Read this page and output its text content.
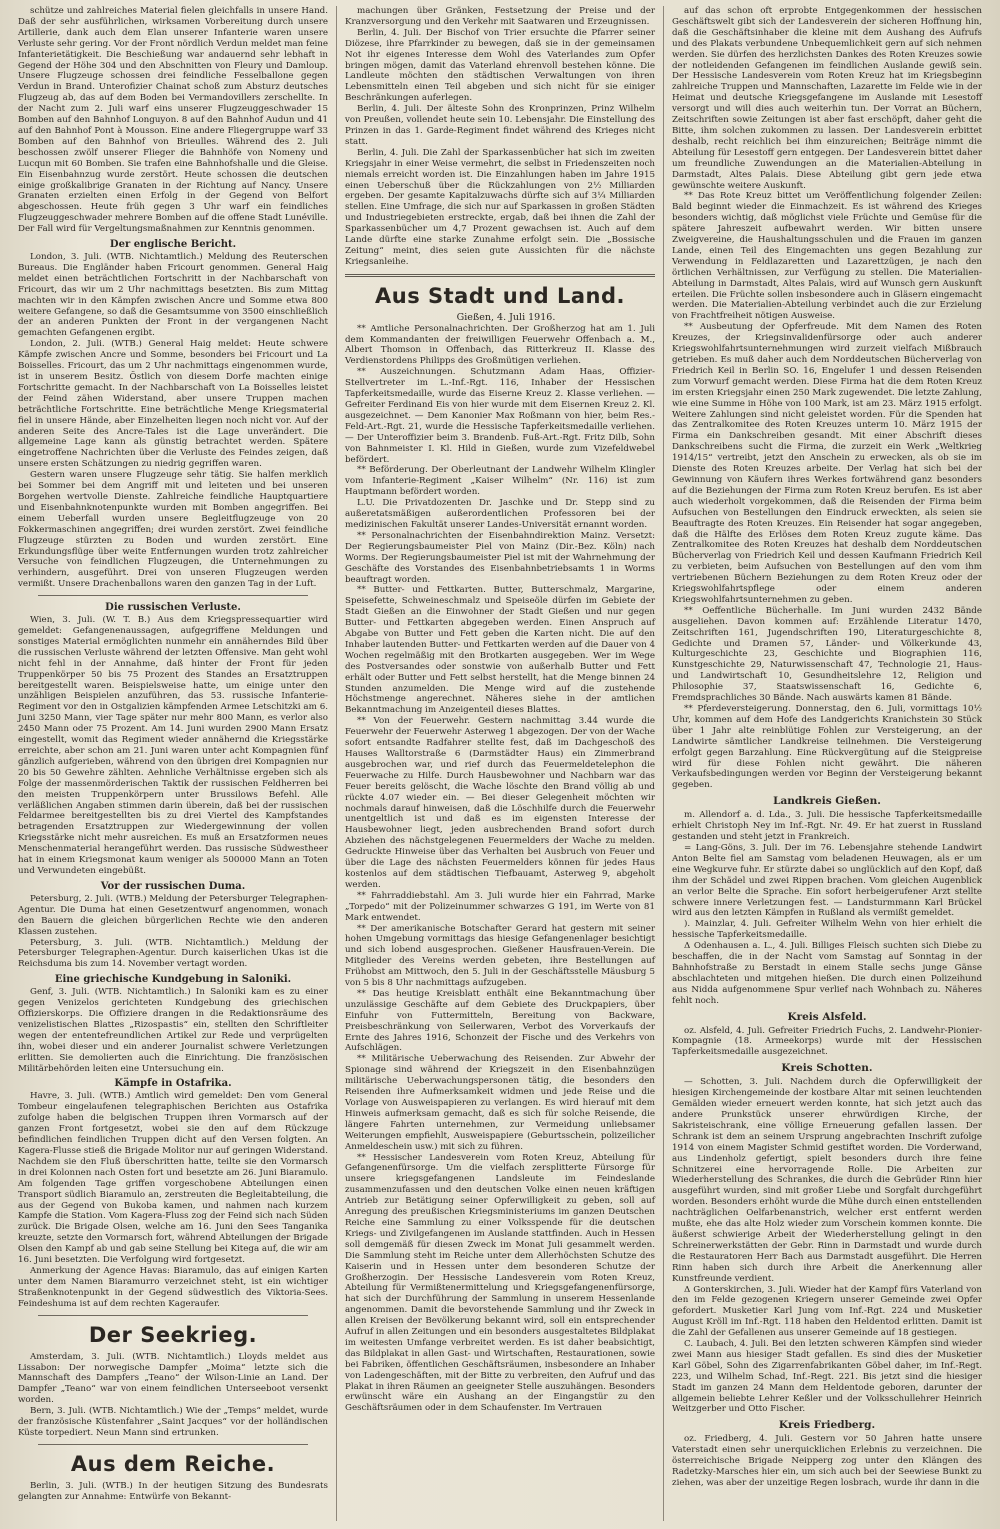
schütze und zahlreiches Material fielen gleichfalls in unsere Hand. Daß der sehr ausführlichen, wirksamen Vorbereitung durch unsere Artillerie, dank auch dem Elan unserer Infanterie waren unsere Verluste sehr gering. Vor der Front nördlich Verdun meldet man feine Infanterietätigkeit. Die Beschießung war andauernd sehr lebhaft in Gegend der Höhe 304 und den Abschnitten von Fleury und Damloup. Unsere Flugzeuge schossen drei feindliche Fesselballone gegen Verdun in Brand. Unterofizier Chainat schoß zum Absturz deutsches Flugzeug ab, das auf dem Boden bei Vermandovillers zerschellte. In der Nacht zum 2. Juli warf eins unserer Flugzeuggeschwader 15 Bomben auf den Bahnhof Longuyon. 8 auf den Bahnhof Audun und 41 auf den Bahnhof Pont à Mousson. Eine andere Fliegergruppe warf 33 Bomben auf den Bahnhof von Brieulles. Während des 2. Juli beschossen zwölf unserer Flieger die Bahnhöfe von Nomeny und Lucqun mit 60 Bomben. Sie trafen eine Bahnhofshalle und die Gleise. Ein Eisenbahnzug wurde zerstört. Heute schossen die deutschen einige großkalibrige Granaten in der Richtung auf Nancy. Unsere Granaten erzielten einen Erfolg in der Gegend von Belfort abgeschossen. Heute früh gegen 3 Uhr warf ein feindliches Flugzeuggeschwader mehrere Bomben auf die offene Stadt Lunéville. Der Fall wird für Vergeltungsmaßnahmen zur Kenntnis genommen.

Der englische Bericht.

London, 3. Juli. (WTB. Nichtamtlich.) Meldung des Reuterschen Bureaus. Die Engländer haben Fricourt genommen. General Haig meldet einen beträchtlichen Fortschritt in der Nachbarschaft von Fricourt, das wir um 2 Uhr nachmittags besetzten. Bis zum Mittag machten wir in den Kämpfen zwischen Ancre und Somme etwa 800 weitere Gefangene, so daß die Gesamtsumme von 3500 einschließlich der an anderen Punkten der Front in der vergangenen Nacht gemachten Gefangenen ergibt.

London, 2. Juli. (WTB.) General Haig meldet: Heute schwere Kämpfe zwischen Ancre und Somme, besonders bei Fricourt und La Boisselles. Fricourt, das um 2 Uhr nachmittags eingenommen wurde, ist in unserem Besitz. Östlich von diesem Dorfe machten einige Fortschritte gemacht. In der Nachbarschaft von La Boisselles leistet der Feind zähen Widerstand, aber unsere Truppen machen beträchtliche Fortschritte. Eine beträchtliche Menge Kriegsmaterial fiel in unsere Hände, aber Einzelheiten liegen noch nicht vor. Auf der anderen Seite des Ancre-Tales ist die Lage unverändert. Die allgemeine Lage kann als günstig betrachtet werden. Spätere eingetroffene Nachrichten über die Verluste des Feindes zeigen, daß unsere ersten Schätzungen zu niedrig gegriffen waren.

Gestern waren unsere Flugzeuge sehr tätig. Sie halfen merklich bei Sommer bei dem Angriff mit und leiteten und bei unseren Borgehen wertvolle Dienste. Zahlreiche feindliche Hauptquartiere und Eisenbahnknotenpunkte wurden mit Bomben angegriffen. Bei einem Ueberfall wurden unsere Begleitflugzeuge von 20 Fokkermaschinen angegriffen; drei wurden zerstört. Zwei feindliche Flugzeuge stürzten zu Boden und wurden zerstört. Eine Erkundungsflüge über weite Entfernungen wurden trotz zahlreicher Versuche von feindlichen Flugzeugen, die Unternehmungen zu verhindern, ausgeführt. Drei von unseren Flugzeugen werden vermißt. Unsere Drachenballons waren den ganzen Tag in der Luft.

Die russischen Verluste.

Wien, 3. Juli. (W. T. B.) Aus dem Kriegspressequartier wird gemeldet: Gefangenenaussagen, aufgegriffene Meldungen und sonstiges Material ermöglichten nunmehr ein annäherndes Bild über die russischen Verluste während der letzten Offensive. Man geht wohl nicht fehl in der Annahme, daß hinter der Front für jeden Truppenkörper 50 bis 75 Prozent des Standes an Ersatztruppen bereitgestellt waren. Beispielsweise hatte, um einige unter den unzähligen Beispielen anzuführen, das 53. russische Infanterie-Regiment vor den in Ostgalizien kämpfenden Armee Letschitzki am 6. Juni 3250 Mann, vier Tage später nur mehr 800 Mann, es verlor also 2450 Mann oder 75 Prozent. Am 14. Juni wurden 2900 Mann Ersatz eingestellt, womit das Regiment wieder annähernd die Kriegsstärke erreichte, aber schon am 21. Juni waren unter acht Kompagnien fünf gänzlich aufgerieben, während von den übrigen drei Kompagnien nur 20 bis 50 Gewehre zählten. Aehnliche Verhältnisse ergeben sich als Folge der massenmörderischen Taktik der russischen Feldherren bei den meisten Truppenkörpern unter Brussilows Befehl. Alle verläßlichen Angaben stimmen darin überein, daß bei der russischen Feldarmee bereitgestellten bis zu drei Viertel des Kampfstandes betragenden Ersatztruppen zur Wiedergewinnung der vollen Kriegsstärke nicht mehr ausreichen. Es muß an Ersatzformen neues Menschenmaterial herangeführt werden. Das russische Südwestheer hat in einem Kriegsmonat kaum weniger als 500000 Mann an Toten und Verwundeten eingebüßt.

Vor der russischen Duma.

Petersburg, 2. Juli. (WTB.) Meldung der Petersburger Telegraphen-Agentur. Die Duma hat einen Gesetzentwurf angenommen, wonach den Bauern die gleichen bürgerlichen Rechte wie den anderen Klassen zustehen.

Petersburg, 3. Juli. (WTB. Nichtamtlich.) Meldung der Petersburger Telegraphen-Agentur. Durch kaiserlichen Ukas ist die Reichsduma bis zum 14. November vertagt worden.

Eine griechische Kundgebung in Saloniki.

Genf, 3. Juli. (WTB. Nichtamtlich.) In Saloniki kam es zu einer gegen Venizelos gerichteten Kundgebung des griechischen Offizierskorps. Die Offiziere drangen in die Redaktionsräume des venizelistischen Blattes „Rizospastis“ ein, stellten den Schriftleiter wegen der ententefreundlichen Artikel zur Rede und verprügelten ihn, wobei dieser und ein anderer Journalist schwere Verletzungen erlitten. Sie demolierten auch die Einrichtung. Die französischen Militärbehörden leiten eine Untersuchung ein.

Kämpfe in Ostafrika.

Havre, 3. Juli. (WTB.) Amtlich wird gemeldet: Den vom General Tombeur eingelaufenen telegraphischen Berichten aus Ostafrika zufolge haben die belgischen Truppen ihren Vormarsch auf der ganzen Front fortgesetzt, wobei sie den auf dem Rückzuge befindlichen feindlichen Truppen dicht auf den Versen folgten. An Kagera-Flusse stieß die Brigade Molitor nur auf geringen Widerstand. Nachdem sie den Fluß überschritten hatte, teilte sie den Vormarsch in drei Kolonnen nach Osten fort und besetzte am 26. Juni Biaramulo. Am folgenden Tage griffen vorgeschobene Abteilungen einen Transport südlich Biaramulo an, zerstreuten die Begleitabteilung, die aus der Gegend von Bukoba kamen, und nahmen nach kurzem Kampfe die Station. Vom Kagera-Fluss zog der Feind sich nach Süden zurück. Die Brigade Olsen, welche am 16. Juni den Sees Tanganika kreuzte, setzte den Vormarsch fort, während Abteilungen der Brigade Olsen den Kampf ab und gab seine Stellung bei Kitega auf, die wir am 16. Juni besetzten. Die Verfolgung wird fortgesetzt.

Anmerkung der Agence Havas: Biaramulo, das auf einigen Karten unter dem Namen Biaramurro verzeichnet steht, ist ein wichtiger Straßenknotenpunkt in der Gegend südwestlich des Viktoria-Sees. Feindeshuma ist auf dem rechten Kageraufer.

Der Seekrieg.

Amsterdam, 3. Juli. (WTB. Nichtamtlich.) Lloyds meldet aus Lissabon: Der norwegische Dampfer „Moima“ letzte sich die Mannschaft des Dampfers „Teano“ der Wilson-Linie an Land. Der Dampfer „Teano“ war von einem feindlichen Unterseeboot versenkt worden.

Bern, 3. Juli. (WTB. Nichtamtlich.) Wie der „Temps“ meldet, wurde der französische Küstenfahrer „Saint Jacques“ vor der holländischen Küste torpediert. Neun Mann sind ertrunken.

Aus dem Reiche.

Berlin, 3. Juli. (WTB.) In der heutigen Sitzung des Bundesrats gelangten zur Annahme: Entwürfe von Bekannt-

machungen über Gränken, Festsetzung der Preise und der Kranzversorgung und den Verkehr mit Saatwaren und Erzeugnissen.

Berlin, 4. Juli. Der Bischof von Trier ersuchte die Pfarrer seiner Diözese, ihre Pfarrkinder zu bewegen, daß sie in der gemeinsamen Not ihr eigenes Interesse dem Wohl des Vaterlandes zum Opfer bringen mögen, damit das Vaterland ehrenvoll bestehen könne. Die Landleute möchten den städtischen Verwaltungen von ihren Lebensmitteln einen Teil abgeben und sich nicht für sie einiger Beschränkungen auferlegen.

Berlin, 4. Juli. Der älteste Sohn des Kronprinzen, Prinz Wilhelm von Preußen, vollendet heute sein 10. Lebensjahr. Die Einstellung des Prinzen in das 1. Garde-Regiment findet während des Krieges nicht statt.

Berlin, 4. Juli. Die Zahl der Sparkassenbücher hat sich im zweiten Kriegsjahr in einer Weise vermehrt, die selbst in Friedenszeiten noch niemals erreicht worden ist. Die Einzahlungen haben im Jahre 1915 einen Ueberschuß über die Rückzahlungen von 2½ Milliarden ergeben. Der gesamte Kapitalzuwachs dürfte sich auf 3¼ Milliarden stellen. Eine Umfrage, die sich nur auf Sparkassen in großen Städten und Industriegebieten erstreckte, ergab, daß bei ihnen die Zahl der Sparkassenbücher um 4,7 Prozent gewachsen ist. Auch auf dem Lande dürfte eine starke Zunahme erfolgt sein. Die „Bossische Zeitung“ meint, dies seien gute Aussichten für die nächste Kriegsanleihe.

Aus Stadt und Land.

Gießen, 4. Juli 1916.

** Amtliche Personalnachrichten. Der Großherzog hat am 1. Juli dem Kommandanten der freiwilligen Feuerwehr Offenbach a. M., Albert Thomson in Offenbach, das Ritterkreuz II. Klasse des Verdienstordens Philipps des Großmütigen verliehen.

** Auszeichnungen. Schutzmann Adam Haas, Offizier-Stellvertreter im L.-Inf.-Rgt. 116, Inhaber der Hessischen Tapferkeitsmedaille, wurde das Eiserne Kreuz 2. Klasse verliehen. — Gefreiter Ferdinand Eis von hier wurde mit dem Eisernen Kreuz 2. Kl. ausgezeichnet. — Dem Kanonier Max Roßmann von hier, beim Res.-Feld-Art.-Rgt. 21, wurde die Hessische Tapferkeitsmedaille verliehen. — Der Unteroffizier beim 3. Brandenb. Fuß-Art.-Rgt. Fritz Dilb, Sohn von Bahnmeister I. Kl. Hild in Gießen, wurde zum Vizefeldwebel befördert.

** Beförderung. Der Oberleutnant der Landwehr Wilhelm Klingler vom Infanterie-Regiment „Kaiser Wilhelm“ (Nr. 116) ist zum Hauptmann befördert worden.

L.U. Die Privatdozenten Dr. Jaschke und Dr. Stepp sind zu außeretatsmäßigen außerordentlichen Professoren bei der medizinischen Fakultät unserer Landes-Universität ernannt worden.

** Personalnachrichten der Eisenbahndirektion Mainz. Versetzt: Der Regierungsbaumeister Piel von Mainz (Dir.-Bez. Köln) nach Worms. Der Regierungsbaumeister Piel ist mit der Wahrnehmung der Geschäfte des Vorstandes des Eisenbahnbetriebsamts 1 in Worms beauftragt worden.

** Butter- und Fettkarten. Butter, Butterschmalz, Margarine, Speisefette, Schweineschmalz und Speiseöle dürfen im Gebiete der Stadt Gießen an die Einwohner der Stadt Gießen und nur gegen Butter- und Fettkarten abgegeben werden. Einen Anspruch auf Abgabe von Butter und Fett geben die Karten nicht. Die auf den Inhaber lautenden Butter- und Fettkarten werden auf die Dauer von 4 Wochen regelmäßig mit den Brotkarten ausgegeben. Wer im Wege des Postversandes oder sonstwie von außerhalb Butter und Fett erhält oder Butter und Fett selbst herstellt, hat die Menge binnen 24 Stunden anzumelden. Die Menge wird auf die zustehende Höchstmenge angerechnet. Näheres siehe in der amtlichen Bekanntmachung im Anzeigenteil dieses Blattes.

** Von der Feuerwehr. Gestern nachmittag 3.44 wurde die Feuerwehr der Feuerwehr Asterweg 1 abgezogen. Der von der Wache sofort entsandte Radfahrer stellte fest, daß im Dachgeschoß des Hauses Walltorstraße 6 (Darmstädter Haus) ein Zimmerbrand ausgebrochen war, und rief durch das Feuermeldetelephon die Feuerwache zu Hilfe. Durch Hausbewohner und Nachbarn war das Feuer bereits gelöscht, die Wache löschte den Brand völlig ab und rückte 4.07 wieder ein. — Bei dieser Gelegenheit möchten wir nochmals darauf hinweisen, daß die Löschhilfe durch die Feuerwehr unentgeltlich ist und daß es im eigensten Interesse der Hausbewohner liegt, jeden ausbrechenden Brand sofort durch Abziehen des nächstgelegenen Feuermelders der Wache zu melden. Gedruckte Hinweise über das Verhalten bei Ausbruch von Feuer und über die Lage des nächsten Feuermelders können für jedes Haus kostenlos auf dem städtischen Tiefbauamt, Asterweg 9, abgeholt werden.

** Fahrraddiebstahl. Am 3. Juli wurde hier ein Fahrrad, Marke „Torpedo“ mit der Polizeinummer schwarzes G 191, im Werte von 81 Mark entwendet.

** Der amerikanische Botschafter Gerard hat gestern mit seiner hohen Umgebung vormittags das hiesige Gefangenenlager besichtigt und sich lobend ausgesprochen. Gießener Hausfrauen-Verein. Die Mitglieder des Vereins werden gebeten, ihre Bestellungen auf Frühobst am Mittwoch, den 5. Juli in der Geschäftsstelle Mäusburg 5 von 5 bis 8 Uhr nachmittags aufzugeben.

** Das heutige Kreisblatt enthält eine Bekanntmachung über unzulässige Geschäfte auf dem Gebiete des Druckpapiers, über Einfuhr von Futtermitteln, Bereitung von Backware, Preisbeschränkung von Seilerwaren, Verbot des Vorverkaufs der Ernte des Jahres 1916, Schonzeit der Fische und des Verkehrs von Aufschlägen.

** Militärische Ueberwachung des Reisenden. Zur Abwehr der Spionage sind während der Kriegszeit in den Eisenbahnzügen militärische Ueberwachungspersonen tätig, die besonders den Reisenden ihre Aufmerksamkeit widmen und jede Reise und die Vorlage von Ausweispapieren zu verlangen. Es wird hierauf mit dem Hinweis aufmerksam gemacht, daß es sich für solche Reisende, die längere Fahrten unternehmen, zur Vermeidung unliebsamer Weiterungen empfiehlt, Ausweispapiere (Geburtsschein, polizeilicher Anmeldeschein usw.) mit sich zu führen.

** Hessischer Landesverein vom Roten Kreuz, Abteilung für Gefangenenfürsorge. Um die vielfach zersplitterte Fürsorge für unsere kriegsgefangenen Landsleute im Feindeslande zusammenzufassen und den deutschen Volke einen neuen kräftigen Antrieb zur Betätigung seiner Opferwilligkeit zu geben, soll auf Anregung des preußischen Kriegsministeriums im ganzen Deutschen Reiche eine Sammlung zu einer Volksspende für die deutschen Kriegs- und Zivilgefangenen im Auslande stattfinden. Auch in Hessen soll demgemäß für diesen Zweck im Monat Juli gesammelt werden. Die Sammlung steht im Reiche unter dem Allerhöchsten Schutze des Kaiserin und in Hessen unter dem besonderen Schutze der Großherzogin. Der Hessische Landesverein vom Roten Kreuz, Abteilung für Vermißtenermittelung und Kriegsgefangenenfürsorge, hat sich der Durchführung der Sammlung in unserem Hessenlande angenommen. Damit die bevorstehende Sammlung und ihr Zweck in allen Kreisen der Bevölkerung bekannt wird, soll ein entsprechender Aufruf in allen Zeitungen und ein besonders ausgestaltetes Bildplakat im weitesten Umfange verbreitet werden. Es ist daher beabsichtigt, das Bildplakat in allen Gast- und Wirtschaften, Restaurationen, sowie bei Fabriken, öffentlichen Geschäftsräumen, insbesondere an Inhaber von Ladengeschäften, mit der Bitte zu verbreiten, den Aufruf und das Plakat in ihren Räumen an geeigneter Stelle auszuhängen. Besonders erwünscht wäre ein Aushang an der Eingangstür zu den Geschäftsräumen oder in dem Schaufenster. Im Vertrauen

auf das schon oft erprobte Entgegenkommen der hessischen Geschäftswelt gibt sich der Landesverein der sicheren Hoffnung hin, daß die Geschäftsinhaber die kleine mit dem Aushang des Aufrufs und des Plakats verbundene Unbequemlichkeit gern auf sich nehmen werden. Sie dürfen des herzlichsten Dankes des Roten Kreuzes sowie der notleidenden Gefangenen im feindlichen Auslande gewiß sein. Der Hessische Landesverein vom Roten Kreuz hat im Kriegsbeginn zahlreiche Truppen und Mannschaften, Lazarette im Felde wie in der Heimat und deutsche Kriegsgefangene im Auslande mit Lesestoff versorgt und will dies auch weiterhin tun. Der Vorrat an Büchern, Zeitschriften sowie Zeitungen ist aber fast erschöpft, daher geht die Bitte, ihm solchen zukommen zu lassen. Der Landesverein erbittet deshalb, recht reichlich bei ihm einzureichen; Beiträge nimmt die Abteilung für Lesestoff gern entgegen. Der Landesverein bittet daher um freundliche Zuwendungen an die Materialien-Abteilung in Darmstadt, Altes Palais. Diese Abteilung gibt gern jede etwa gewünschte weitere Auskunft.

** Das Rote Kreuz bittet um Veröffentlichung folgender Zeilen: Bald beginnt wieder die Einmachzeit. Es ist während des Krieges besonders wichtig, daß möglichst viele Früchte und Gemüse für die spätere Jahreszeit aufbewahrt werden. Wir bitten unsere Zweigvereine, die Haushaltungsschulen und die Frauen im ganzen Lande, einen Teil des Eingemachten uns gegen Bezahlung zur Verwendung in Feldlazaretten und Lazarettzügen, je nach den örtlichen Verhältnissen, zur Verfügung zu stellen. Die Materialien-Abteilung in Darmstadt, Altes Palais, wird auf Wunsch gern Auskunft erteilen. Die Früchte sollen insbesondere auch in Gläsern eingemacht werden. Die Materialien-Abteilung verbindet auch die zur Erzielung von Frachtfreiheit nötigen Ausweise.

** Ausbeutung der Opferfreude. Mit dem Namen des Roten Kreuzes, der Kriegsinvalidenfürsorge oder auch anderer Kriegswohlfahrtsunternehmungen wird zurzeit vielfach Mißbrauch getrieben. Es muß daher auch dem Norddeutschen Bücherverlag von Friedrich Keil in Berlin SO. 16, Engelufer 1 und dessen Reisenden zum Vorwurf gemacht werden. Diese Firma hat die dem Roten Kreuz im ersten Kriegsjahr einen 250 Mark zugewendet. Die letzte Zahlung, wie eine Summe in Höhe von 100 Mark, ist am 23. März 1915 erfolgt. Weitere Zahlungen sind nicht geleistet worden. Für die Spenden hat das Zentralkomitee des Roten Kreuzes unterm 10. März 1915 der Firma ein Dankschreiben gesandt. Mit einer Abschrift dieses Dankschreibens sucht die Firma, die zurzeit ein Werk „Weltkrieg 1914/15“ vertreibt, jetzt den Anschein zu erwecken, als ob sie im Dienste des Roten Kreuzes arbeite. Der Verlag hat sich bei der Gewinnung von Käufern ihres Werkes fortwährend ganz besonders auf die Beziehungen der Firma zum Roten Kreuz berufen. Es ist aber auch wiederholt vorgekommen, daß die Reisenden der Firma beim Aufsuchen von Bestellungen den Eindruck erweckten, als seien sie Beauftragte des Roten Kreuzes. Ein Reisender hat sogar angegeben, daß die Hälfte des Erlöses dem Roten Kreuz zugute käme. Das Zentralkomitee des Roten Kreuzes hat deshalb dem Norddeutschen Bücherverlag von Friedrich Keil und dessen Kaufmann Friedrich Keil zu verbieten, beim Aufsuchen von Bestellungen auf den vom ihm vertriebenen Büchern Beziehungen zu dem Roten Kreuz oder der Kriegswohlfahrtspflege oder einem anderen Kriegswohlfahrtsunternehmen zu geben.

** Oeffentliche Bücherhalle. Im Juni wurden 2432 Bände ausgeliehen. Davon kommen auf: Erzählende Literatur 1470, Zeitschriften 161, Jugendschriften 190, Literaturgeschichte 8, Gedichte und Dramen 57, Länder- und Völkerkunde 43, Kulturgeschichte 23, Geschichte und Biographien 116, Kunstgeschichte 29, Naturwissenschaft 47, Technologie 21, Haus- und Landwirtschaft 10, Gesundheitslehre 12, Religion und Philosophie 37, Staatswissenschaft 16, Gedichte 6, Fremdsprachliches 30 Bände. Nach auswärts kamen 81 Bände.

** Pferdeversteigerung. Donnerstag, den 6. Juli, vormittags 10½ Uhr, kommen auf dem Hofe des Landgerichts Kranichstein 30 Stück über 1 Jahr alte reinblütige Fohlen zur Versteigerung, an der Landwirte sämtlicher Landkreise teilnehmen. Die Versteigerung erfolgt gegen Barzahlung. Eine Rückvergütung auf die Steigpreise wird für diese Fohlen nicht gewährt. Die näheren Verkaufsbedingungen werden vor Beginn der Versteigerung bekannt gegeben.

Landkreis Gießen.

m. Allendorf a. d. Lda., 3. Juli. Die hessische Tapferkeitsmedaille erhielt Christoph Ney im Inf.-Rgt. Nr. 49. Er hat zuerst in Russland gestanden und steht jetzt in Frankreich.

= Lang-Göns, 3. Juli. Der im 76. Lebensjahre stehende Landwirt Anton Belte fiel am Samstag vom beladenen Heuwagen, als er um eine Wegkurve fuhr. Er stürzte dabei so unglücklich auf den Kopf, daß ihm der Schädel und zwei Rippen brachen. Vom gleichen Augenblick an verlor Belte die Sprache. Ein sofort herbeigerufener Arzt stellte schwere innere Verletzungen fest. — Landsturmmann Karl Brückel wird aus den letzten Kämpfen in Rußland als vermißt gemeldet.

). Mainzlar, 4. Juli. Gefreiter Wilhelm Wehn von hier erhielt die hessische Tapferkeitsmedaille.

Δ Odenhausen a. L., 4. Juli. Billiges Fleisch suchten sich Diebe zu beschaffen, die in der Nacht vom Samstag auf Sonntag in der Bahnhofstraße zu Berstadt in einem Stalle sechs junge Gänse abschlachteten und mitgehen hießen. Die durch einen Polizeihund aus Nidda aufgenommene Spur verlief nach Wohnbach zu. Näheres fehlt noch.

Kreis Alsfeld.

oz. Alsfeld, 4. Juli. Gefreiter Friedrich Fuchs, 2. Landwehr-Pionier-Kompagnie (18. Armeekorps) wurde mit der Hessischen Tapferkeitsmedaille ausgezeichnet.

Kreis Schotten.

— Schotten, 3. Juli. Nachdem durch die Opferwilligkeit der hiesigen Kirchengemeinde der kostbare Altar mit seinen leuchtenden Gemälden wieder erneuert werden konnte, hat sich jetzt auch das andere Prunkstück unserer ehrwürdigen Kirche, der Sakristeischrank, eine völlige Erneuerung gefallen lassen. Der Schrank ist dem an seinem Ursprung angebrachten Inschrift zufolge 1914 von einem Magister Schmid gestiftet worden. Die Vorderwand, aus Lindenholz gefertigt, spielt besonders durch ihre feine Schnitzerei eine hervorragende Rolle. Die Arbeiten zur Wiederherstellung des Schrankes, die durch die Gebrüder Rinn hier ausgeführt wurden, sind mit großer Liebe und Sorgfalt durchgeführt worden. Besonders erhöht wurde die Mühe durch einen entstellenden nachträglichen Oelfarbenanstrich, welcher erst entfernt werden mußte, ehe das alte Holz wieder zum Vorschein kommen konnte. Die äußerst schwierige Arbeit der Wiederherstellung gelingt in den Schreinerwerkstätten der Gebr. Rinn in Darmstadt und wurde durch die Restauratoren Herr Bach aus Darmstadt ausgeführt. Die Herren Rinn haben sich durch ihre Arbeit die Anerkennung aller Kunstfreunde verdient.

Δ Gonterskirchen, 3. Juli. Wieder hat der Kampf fürs Vaterland von den im Felde gezogenen Kriegern unserer Gemeinde zwei Opfer gefordert. Musketier Karl Jung vom Inf.-Rgt. 224 und Musketier August Kröll im Inf.-Rgt. 118 haben den Heldentod erlitten. Damit ist die Zahl der Gefallenen aus unserer Gemeinde auf 18 gestiegen.

C. Laubach, 4. Juli. Bei den letzten schweren Kämpfen sind wieder zwei Mann aus hiesiger Stadt gefallen. Es sind dies der Musketier Karl Göbel, Sohn des Zigarrenfabrikanten Göbel daher, im Inf.-Regt. 223, und Wilhelm Schad, Inf.-Regt. 221. Bis jetzt sind die hiesiger Stadt im ganzen 24 Mann dem Heldentode geboren, darunter der allgemein beliebte Lehrer Keßler und der Volksschullehrer Heinrich Weitzgerber und Otto Fischer.

Kreis Friedberg.

oz. Friedberg, 4. Juli. Gestern vor 50 Jahren hatte unsere Vaterstadt einen sehr unerquicklichen Erlebnis zu verzeichnen. Die österreichische Brigade Neipperg zog unter den Klängen des Radetzky-Marsches hier ein, um sich auch bei der Seewiese Bunkt zu ziehen, was aber der unzeitige Regen losbrach, wurde ihr dann in die
